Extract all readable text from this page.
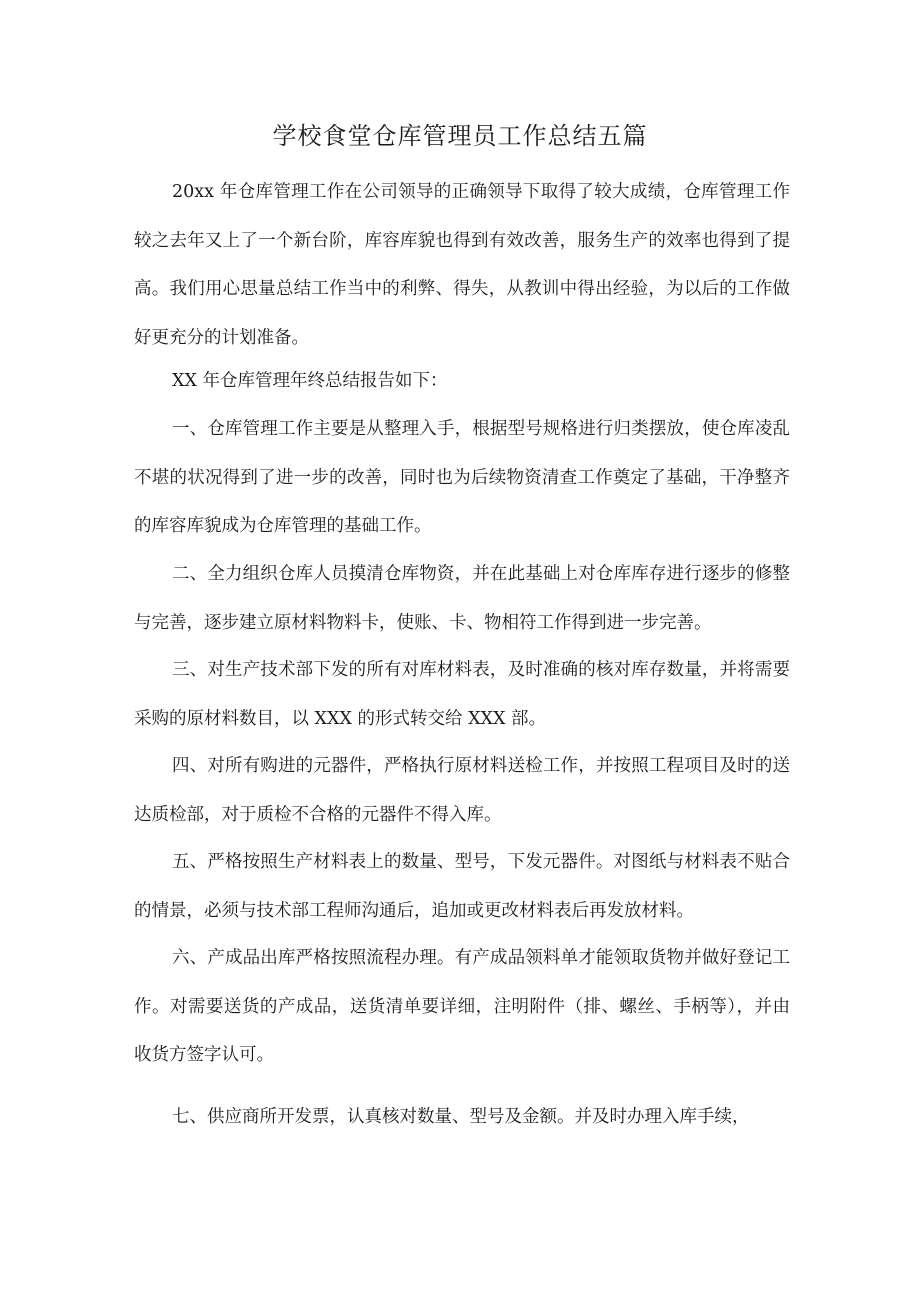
学校食堂仓库管理员工作总结五篇

20xx 年仓库管理工作在公司领导的正确领导下取得了较大成绩，仓库管理工作较之去年又上了一个新台阶，库容库貌也得到有效改善，服务生产的效率也得到了提高。我们用心思量总结工作当中的利弊、得失，从教训中得出经验，为以后的工作做好更充分的计划准备。

XX 年仓库管理年终总结报告如下：

一、仓库管理工作主要是从整理入手，根据型号规格进行归类摆放，使仓库凌乱不堪的状况得到了进一步的改善，同时也为后续物资清查工作奠定了基础，干净整齐的库容库貌成为仓库管理的基础工作。

二、全力组织仓库人员摸清仓库物资，并在此基础上对仓库库存进行逐步的修整与完善，逐步建立原材料物料卡，使账、卡、物相符工作得到进一步完善。

三、对生产技术部下发的所有对库材料表，及时准确的核对库存数量，并将需要采购的原材料数目，以 XXX 的形式转交给 XXX 部。

四、对所有购进的元器件，严格执行原材料送检工作，并按照工程项目及时的送达质检部，对于质检不合格的元器件不得入库。

五、严格按照生产材料表上的数量、型号，下发元器件。对图纸与材料表不贴合的情景，必须与技术部工程师沟通后，追加或更改材料表后再发放材料。

六、产成品出库严格按照流程办理。有产成品领料单才能领取货物并做好登记工作。对需要送货的产成品，送货清单要详细，注明附件（排、螺丝、手柄等），并由收货方签字认可。

七、供应商所开发票，认真核对数量、型号及金额。并及时办理入库手续，
